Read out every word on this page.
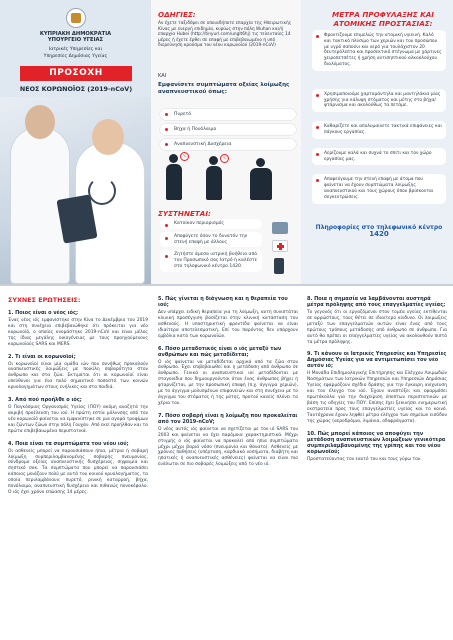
ΚΥΠΡΙΑΚΗ ΔΗΜΟΚΡΑΤΙΑ
ΥΠΟΥΡΓΕΙΟ ΥΓΕΙΑΣ
Ιατρικές Υπηρεσίες και
Υπηρεσίες Δημόσιας Υγείας
ΠΡΟΣΟΧΗ
ΝΕΟΣ ΚΟΡΩΝΟΪΟΣ (2019-nCoV)
ΟΔΗΓΙΕΣ:
Αν έχετε ταξιδέψει σε οποιαδήποτε επαρχία της Ηπειρωτικής Κίνας με ενεργή επιδημία, κυρίως στην πόλη Wuhan και/ή επαρχία Hubei (http://tinyurl.com/unglt6hj) τις τελευταίες 14 μέρες ή έχετε έρθει σε επαφή με επιβεβαιωμένο ή υπό διερεύνηση κρούσμα του νέου κορωνοϊού (2019-nCoV)
ΚΑΙ
Εμφανίσετε συμπτώματα οξείας λοίμωξης αναπνευστικού όπως:
Πυρετό
Βήχα ή Πονόλαιμο
Αναπνευστική Δυσχέρεια
°C	°C
ΣΥΣΤΗΝΕΤΑΙ:
Κατοίκον περιορισμός
Αποφύγετε όσον το δυνατόν την στενή επαφή με άλλους
Ζητήστε άμεσα ιατρική βοήθεια από τον Προσωπικό σας Ιατρό ή καλέστε στο τηλεφωνικό κέντρο 1420.
ΜΕΤΡΑ ΠΡΟΦΥΛΑΞΗΣ ΚΑΙ
ΑΤΟΜΙΚΗΣ ΠΡΟΣΤΑΣΙΑΣ:
Φροντίζουμε επιμελώς την ατομική υγιεινή. Καλό και τακτικό πλύσιμο των χεριών και του προσώπου με υγρό σαπούνι και νερό για τουλάχιστον 20 δευτερόλεπτα και προσεκτικό στέγνωμα με χάρτινες χειροπετσέτες ή χρήση αντισηπτικού αλκοολούχου διαλύματος.
Χρησιμοποιούμε χαρτομάντηλα και μαντηλάκια μίας χρήσης για κάλυψη στόματος και μύτης στο βήχα/φτάρνισμα και ακολούθως τα πετάμε.
Καθαρίζετε και απολυμαίνετε τακτικά επιφάνειες και πάγκους εργασίας.
Αερίζουμε καλά και συχνά το σπίτι και τον χώρο εργασίας μας.
Αποφεύγουμε την στενή επαφή με άτομα που φαίνεται να έχουν συμπτώματα λοίμωξης αναπνευστικού και τους χώρους όπου βρίσκονται συγκεντρώσεις.
Πληροφορίες στο τηλεφωνικό κέντρο
1420
ΣΥΧΝΕΣ ΕΡΩΤΗΣΕΙΣ:
1. Ποιος είναι ο νέος ιός;
Ένας νέος ιός εμφανίστηκε στην Κίνα το Δεκέμβριο του 2019 και στη συνέχεια επιβεβαιώθηκε ότι πρόκειται για νέο κορωνοϊό, ο οποίος ονομάστηκε 2019-nCoV και είναι μέλος της ίδιας μεγάλης οικογένειας με τους προηγούμενους κορωνοϊούς SARS και MERS.
2. Τι είναι οι κορωνοϊοί;
Οι κορωνοϊοί είναι μία ομάδα ιών που συνήθως προκαλούν αναπνευστικές λοιμώξεις με ποικίλη σοβαρότητα στον άνθρωπο και στα ζώα. Εκτιμάται ότι οι κορωνοϊοί είναι υπεύθυνοι για ένα πολύ σημαντικό ποσοστό των κοινών κρυολογημάτων στους ενήλικες και στα παιδιά.
3. Από πού προήλθε ο ιός;
Ο Παγκόσμιος Οργανισμός Υγείας (ΠΟΥ) ακόμη αναζητά την ακριβή προέλευση του ιού. Η πρώτη εστία μόλυνσης από τον νέο κορωνοϊό φαίνεται να εμφανίστηκε σε μια αγορά τροφίμων και ζώντων ζώων στην πόλη Γουχάν. Από εκεί προήλθαν και τα πρώτα επιβεβαιωμένα περιστατικά.
4. Ποια είναι τα συμπτώματα του νέου ιού;
Οι ασθενείς μπορεί να παρουσιάσουν ήπια, μέτρια ή σοβαρή λοίμωξη συμπεριλαμβανομένης σοβαρής πνευμονίας, σύνδρομο οξείας αναπνευστικής δυσχέρειας, σηψαιμία και σηπτικό σοκ. Τα συμπτώματα που μπορεί να παρουσιάσει κάποιος μοιάζουν πολύ με αυτά του κοινού κρυολογήματος, τα οποία περιλαμβάνουν: πυρετό, ρινική καταρροή, βήχα, πονόλαιμο, αναπνευστική δυσχέρεια και πιθανώς πονοκέφαλο. Ο ιός έχει χρόνο επώασης 14 μέρες.
5. Πώς γίνεται η διάγνωση και η θεραπεία του ιού;
Δεν υπάρχει ειδική θεραπεία για τη λοίμωξη, αυτή συνιστάται κλινική προσέγγιση βασίζεται στην κλινική κατάσταση του ασθενούς. Η υποστηρικτική φροντίδα φαίνεται να είναι ιδιαίτερα αποτελεσματική. Επί του παρόντος δεν υπάρχουν εμβόλια κατά των κορωνοϊών.
6. Πόσο μεταδοτικός είναι ο ιός μεταξύ των ανθρώπων και πώς μεταδίδεται;
Ο ιός φαίνεται να μεταδίδεται αρχικά από τα ζώα στον άνθρωπο. Έχει επιβεβαιωθεί και η μετάδοση από άνθρωπο σε άνθρωπο. Γενικά οι αναπνευστικοί ιοί μεταδίδονται με σταγονίδια που δημιουργούνται όταν ένας άνθρωπος βήχει ή φταρνίζεται, με την προσωπική επαφή (π.χ. άγγιγμα χεριών), με το άγγιγμα μολυσμένων επιφανειών και στη συνέχεια με το άγγιγμα του στόματος ή της μύτης, προτού κανείς πλύνει τα χέρια του.
7. Πόσο σοβαρή είναι η λοίμωξη που προκαλείται από τον 2019-nCoV;
Ο νέος αυτός ιός φαίνεται να σχετίζεται με τον ιό SARS του 2003 και φαίνεται να έχει παρόμοια χαρακτηριστικά. Μέχρι στιγμής ο ιός φαίνεται να προκαλεί από ήπια συμπτώματα μέχρι μέχρι βαριά νόσο (πνευμονία και θάνατο). Ασθενείς με χρόνιες παθήσεις (υπέρταση, καρδιακά νοσήματα, διαβήτη και ηπατικές ή αναπνευστικές ασθένειες) φαίνεται να είναι πιο ευάλωτοι σε πιο σοβαρές λοιμώξεις από το νέο ιό.
8. Ποια η σημασία να λαμβάνονται αυστηρά μέτρα πρόληψης από τους επαγγελματίες υγείας;
Το γεγονός ότι οι εργαζόμενοι στον τομέα υγείας εκτίθενται σε αρρώστους, τους θέτει σε ιδιαίτερο κίνδυνο. Οι λοιμωξεις μεταξύ των επαγγελματιών αυτών είναι ένας από τους πρώτους τρόπους μετάδοσης από άνθρωπο σε άνθρωπο. Για αυτό θα πρέπει οι επαγγελματίες υγείας να ακολουθούν πιστά τα μέτρα πρόληψης.
9. Τι κάνουν οι Ιατρικές Υπηρεσίες και Υπηρεσίες Δημόσιας Υγείας για να αντιμετωπίσει τον νέο αυτόν ιό;
Η Μονάδα Επιδημιολογικής Επιτήρησης και Ελέγχου Λοιμωδών Νοσημάτων των Ιατρικών Υπηρεσιών και Υπηρεσιών Δημόσιας Υγείας εφαρμόζουν σχέδιο δράσης για την έγκαιρη ανίχνευση και τον έλεγχο του ιού. Έχουν αναπτύξει και εφαρμόσει πρωτόκολλα για την διαχείριση ύποπτων περιστατικών με βάση τις οδηγίες του ΠΟΥ. Επίσης έχει ξεκινήσει ενημερωτική εκστρατεία προς τους επαγγελματίες υγείας και το κοινό. Ταυτόχρονα έχουν ληφθεί μέτρα ελέγχου των σημείων εισόδου της χώρας (αεροδρόμια, λιμάνια, οδοφράγματα).
10. Πώς μπορεί κάποιος να αποφύγει την μετάδοση αναπνευστικών λοιμώξεων γενικότερα συμπεριλαμβανομένης της γρίπης και του νέου κορωνοϊού;
Προστατεύοντας τον εαυτό του και τους γύρω του.
